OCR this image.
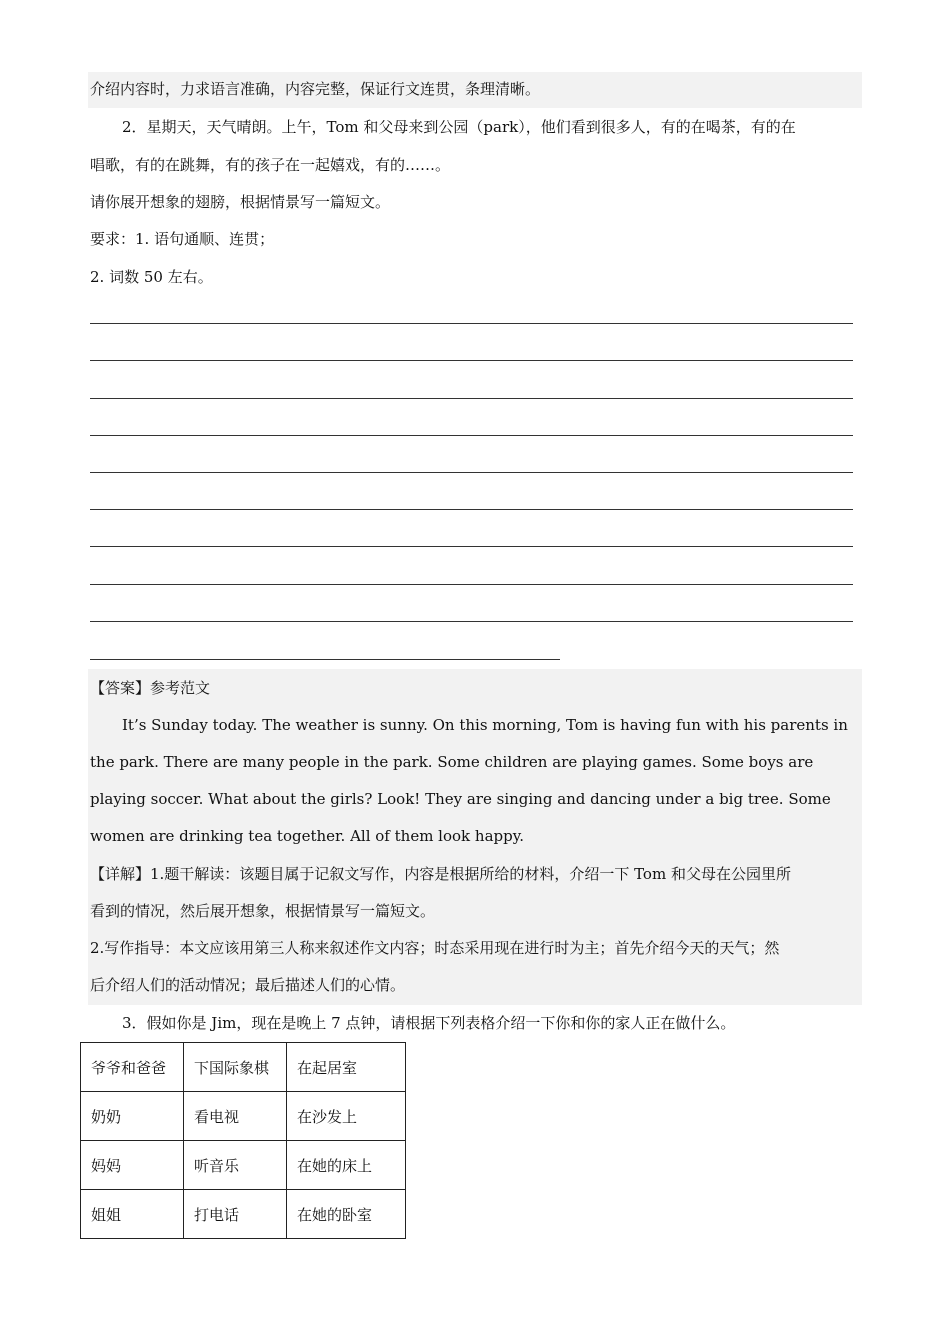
介绍内容时，力求语言准确，内容完整，保证行文连贯，条理清晰。
2．星期天，天气晴朗。上午，Tom 和父母来到公园（park），他们看到很多人，有的在喝茶，有的在
唱歌，有的在跳舞，有的孩子在一起嬉戏，有的……。
请你展开想象的翅膀，根据情景写一篇短文。
要求：1. 语句通顺、连贯；
2. 词数 50 左右。
【答案】参考范文
It’s Sunday today. The weather is sunny. On this morning, Tom is having fun with his parents in the park. There are many people in the park. Some children are playing games. Some boys are playing soccer. What about the girls? Look! They are singing and dancing under a big tree. Some women are drinking tea together. All of them look happy.
【详解】1.题干解读：该题目属于记叙文写作，内容是根据所给的材料，介绍一下 Tom 和父母在公园里所
看到的情况，然后展开想象，根据情景写一篇短文。
2.写作指导：本文应该用第三人称来叙述作文内容；时态采用现在进行时为主；首先介绍今天的天气；然
后介绍人们的活动情况；最后描述人们的心情。
3．假如你是 Jim，现在是晚上 7 点钟，请根据下列表格介绍一下你和你的家人正在做什么。
爷爷和爸爸	下国际象棋	在起居室
奶奶	看电视	在沙发上
妈妈	听音乐	在她的床上
姐姐	打电话	在她的卧室
